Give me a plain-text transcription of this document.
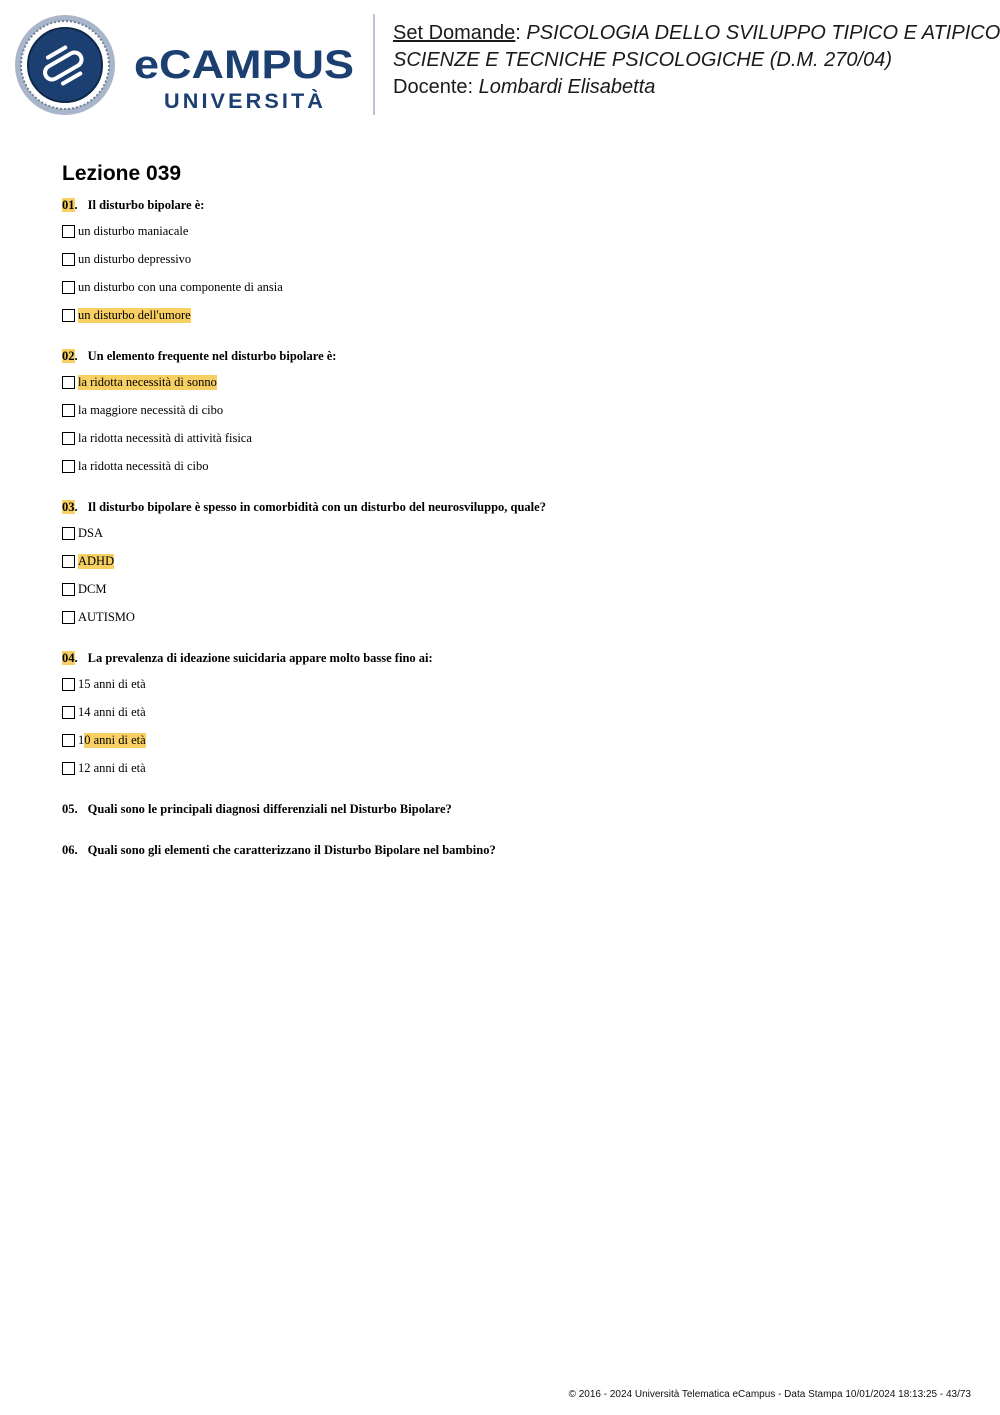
eCAMPUS
UNIVERSITÀ
Set Domande: PSICOLOGIA DELLO SVILUPPO TIPICO E ATIPICO
SCIENZE E TECNICHE PSICOLOGICHE (D.M. 270/04)
Docente: Lombardi Elisabetta
Lezione 039
01. Il disturbo bipolare è:
un disturbo maniacale
un disturbo depressivo
un disturbo con una componente di ansia
un disturbo dell'umore
02. Un elemento frequente nel disturbo bipolare è:
la ridotta necessità di sonno
la maggiore necessità di cibo
la ridotta necessità di attività fisica
la ridotta necessità di cibo
03. Il disturbo bipolare è spesso in comorbidità con un disturbo del neurosviluppo, quale?
DSA
ADHD
DCM
AUTISMO
04. La prevalenza di ideazione suicidaria appare molto basse fino ai:
15 anni di età
14 anni di età
1 0 anni di età
12 anni di età
05. Quali sono le principali diagnosi differenziali nel Disturbo Bipolare?
06. Quali sono gli elementi che caratterizzano il Disturbo Bipolare nel bambino?
© 2016 - 2024 Università Telematica eCampus - Data Stampa 10/01/2024 18:13:25 - 43/73
